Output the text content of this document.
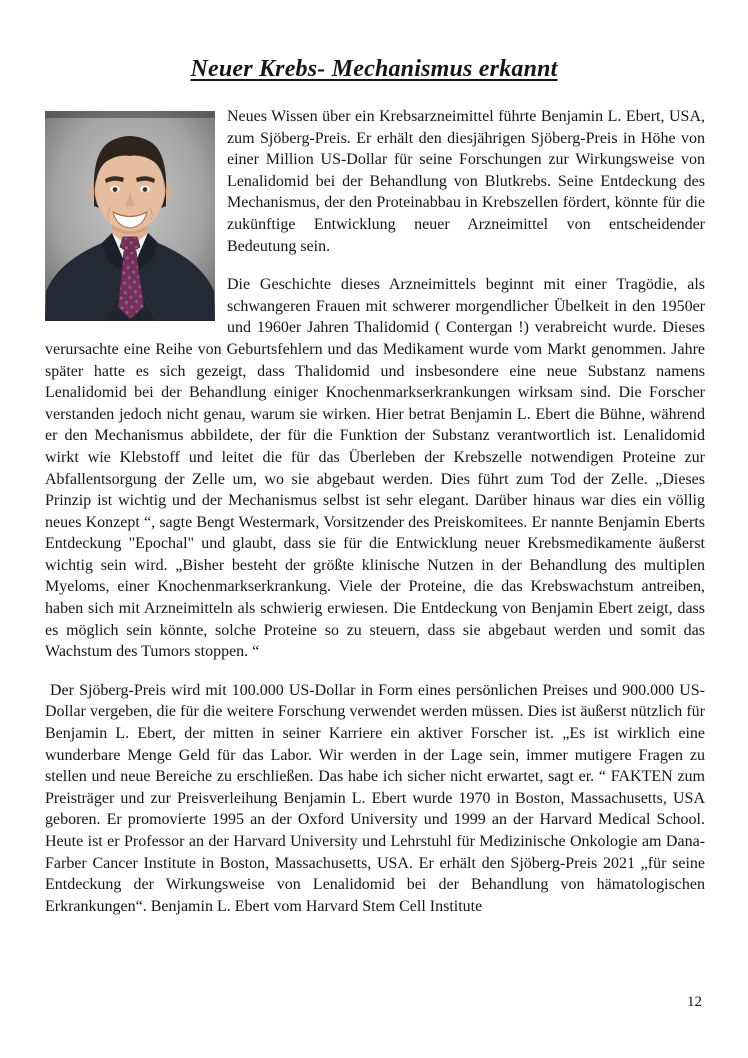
Neuer Krebs- Mechanismus erkannt

Neues Wissen über ein Krebsarzneimittel führte Benjamin L. Ebert, USA, zum Sjöberg-Preis. Er erhält den diesjährigen Sjöberg-Preis in Höhe von einer Million US-Dollar für seine Forschungen zur Wirkungsweise von Lenalidomid bei der Behandlung von Blutkrebs. Seine Entdeckung des Mechanismus, der den Proteinabbau in Krebszellen fördert, könnte für die zukünftige Entwicklung neuer Arzneimittel von entscheidender Bedeutung sein.

Die Geschichte dieses Arzneimittels beginnt mit einer Tragödie, als schwangeren Frauen mit schwerer morgendlicher Übelkeit in den 1950er und 1960er Jahren Thalidomid ( Contergan !) verabreicht wurde. Dieses verursachte eine Reihe von Geburtsfehlern und das Medikament wurde vom Markt genommen. Jahre später hatte es sich gezeigt, dass Thalidomid und insbesondere eine neue Substanz namens Lenalidomid bei der Behandlung einiger Knochenmarkserkrankungen wirksam sind. Die Forscher verstanden jedoch nicht genau, warum sie wirken. Hier betrat Benjamin L. Ebert die Bühne, während er den Mechanismus abbildete, der für die Funktion der Substanz verantwortlich ist. Lenalidomid wirkt wie Klebstoff und leitet die für das Überleben der Krebszelle notwendigen Proteine zur Abfallentsorgung der Zelle um, wo sie abgebaut werden. Dies führt zum Tod der Zelle. „Dieses Prinzip ist wichtig und der Mechanismus selbst ist sehr elegant. Darüber hinaus war dies ein völlig neues Konzept “, sagte Bengt Westermark, Vorsitzender des Preiskomitees. Er nannte Benjamin Eberts Entdeckung "Epochal" und glaubt, dass sie für die Entwicklung neuer Krebsmedikamente äußerst wichtig sein wird. „Bisher besteht der größte klinische Nutzen in der Behandlung des multiplen Myeloms, einer Knochenmarkserkrankung. Viele der Proteine, die das Krebswachstum antreiben, haben sich mit Arzneimitteln als schwierig erwiesen. Die Entdeckung von Benjamin Ebert zeigt, dass es möglich sein könnte, solche Proteine so zu steuern, dass sie abgebaut werden und somit das Wachstum des Tumors stoppen. “

Der Sjöberg-Preis wird mit 100.000 US-Dollar in Form eines persönlichen Preises und 900.000 US-Dollar vergeben, die für die weitere Forschung verwendet werden müssen. Dies ist äußerst nützlich für Benjamin L. Ebert, der mitten in seiner Karriere ein aktiver Forscher ist. „Es ist wirklich eine wunderbare Menge Geld für das Labor. Wir werden in der Lage sein, immer mutigere Fragen zu stellen und neue Bereiche zu erschließen. Das habe ich sicher nicht erwartet, sagt er. “ FAKTEN zum Preisträger und zur Preisverleihung Benjamin L. Ebert wurde 1970 in Boston, Massachusetts, USA geboren. Er promovierte 1995 an der Oxford University und 1999 an der Harvard Medical School. Heute ist er Professor an der Harvard University und Lehrstuhl für Medizinische Onkologie am Dana-Farber Cancer Institute in Boston, Massachusetts, USA. Er erhält den Sjöberg-Preis 2021 „für seine Entdeckung der Wirkungsweise von Lenalidomid bei der Behandlung von hämatologischen Erkrankungen“. Benjamin L. Ebert vom Harvard Stem Cell Institute

12
